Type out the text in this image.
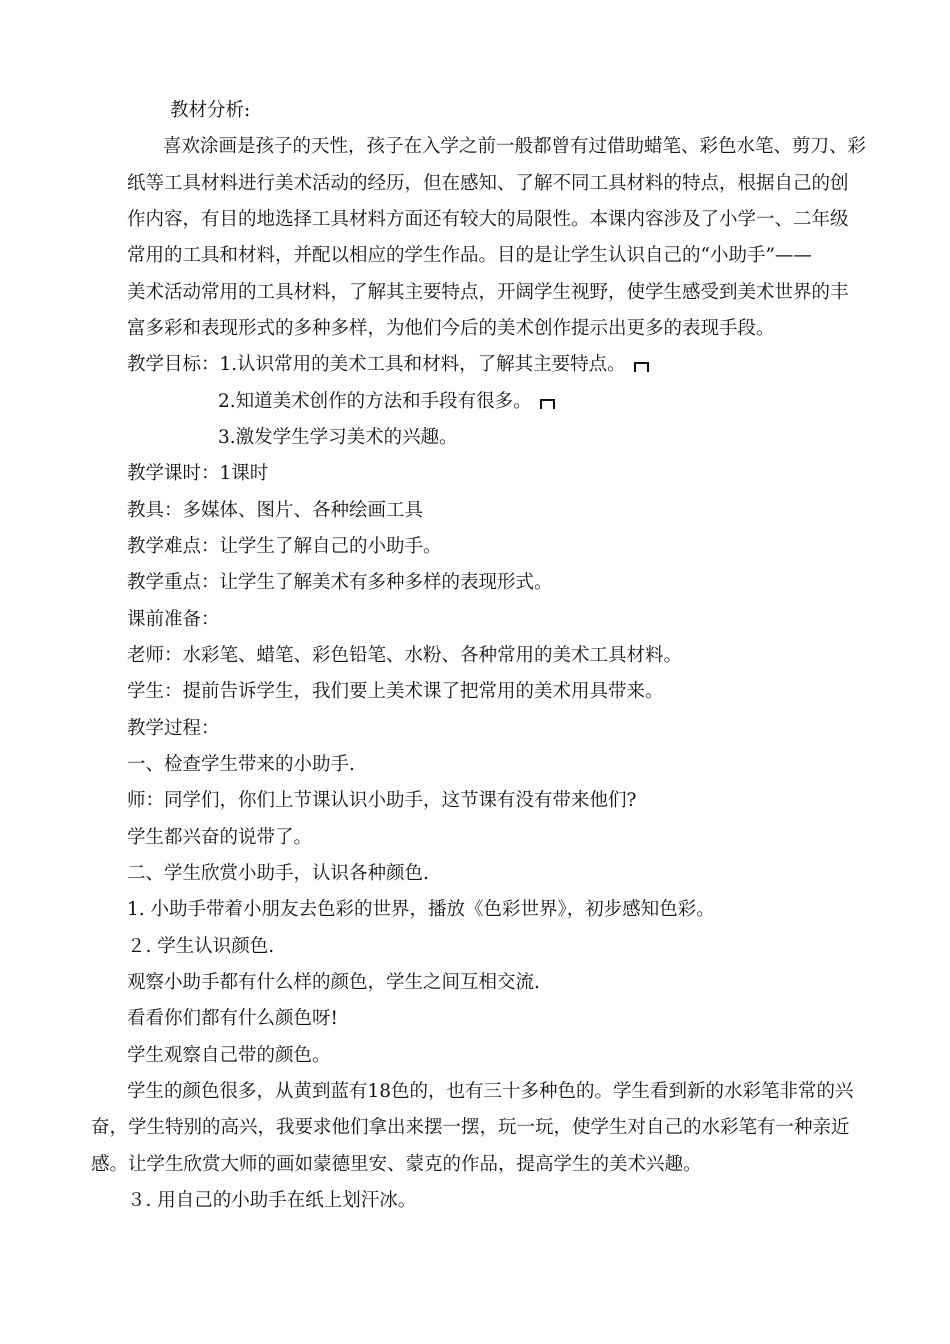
教材分析:
喜欢涂画是孩子的天性，孩子在入学之前一般都曾有过借助蜡笔、彩色水笔、剪刀、彩
纸等工具材料进行美术活动的经历，但在感知、了解不同工具材料的特点，根据自己的创
作内容，有目的地选择工具材料方面还有较大的局限性。本课内容涉及了小学一、二年级
常用的工具和材料，并配以相应的学生作品。目的是让学生认识自己的“小助手”——
美术活动常用的工具材料，了解其主要特点，开阔学生视野，使学生感受到美术世界的丰
富多彩和表现形式的多种多样，为他们今后的美术创作提示出更多的表现手段。
教学目标：1.认识常用的美术工具和材料，了解其主要特点。
2.知道美术创作的方法和手段有很多。
3.激发学生学习美术的兴趣。
教学课时：1课时
教具：多媒体、图片、各种绘画工具
教学难点：让学生了解自己的小助手。
教学重点：让学生了解美术有多种多样的表现形式。
课前准备：
老师：水彩笔、蜡笔、彩色铅笔、水粉、各种常用的美术工具材料。
学生：提前告诉学生，我们要上美术课了把常用的美术用具带来。
教学过程：
一、检查学生带来的小助手.
师：同学们，你们上节课认识小助手，这节课有没有带来他们?
学生都兴奋的说带了。
二、学生欣赏小助手，认识各种颜色.
1. 小助手带着小朋友去色彩的世界，播放《色彩世界》，初步感知色彩。
２. 学生认识颜色.
观察小助手都有什么样的颜色，学生之间互相交流.
看看你们都有什么颜色呀!
学生观察自己带的颜色。
学生的颜色很多，从黄到蓝有18色的，也有三十多种色的。学生看到新的水彩笔非常的兴
奋，学生特别的高兴，我要求他们拿出来摆一摆，玩一玩，使学生对自己的水彩笔有一种亲近
感。让学生欣赏大师的画如蒙德里安、蒙克的作品，提高学生的美术兴趣。
３. 用自己的小助手在纸上划汗冰。
